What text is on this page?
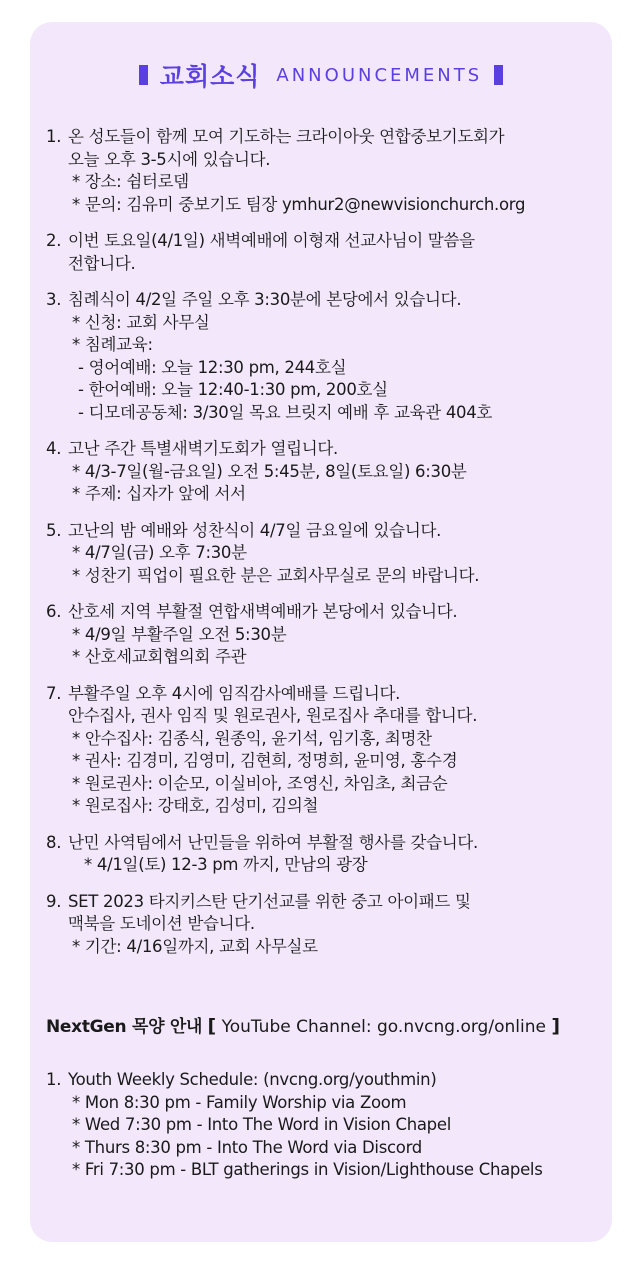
교회소식 ANNOUNCEMENTS
1. 온 성도들이 함께 모여 기도하는 크라이아웃 연합중보기도회가
오늘 오후 3-5시에 있습니다.
* 장소: 쉼터로뎀
* 문의: 김유미 중보기도 팀장 ymhur2@newvisionchurch.org
2. 이번 토요일(4/1일) 새벽예배에 이형재 선교사님이 말씀을
전합니다.
3. 침례식이 4/2일 주일 오후 3:30분에 본당에서 있습니다.
* 신청: 교회 사무실
* 침례교육:
- 영어예배: 오늘 12:30 pm, 244호실
- 한어예배: 오늘 12:40-1:30 pm, 200호실
- 디모데공동체: 3/30일 목요 브릿지 예배 후 교육관 404호
4. 고난 주간 특별새벽기도회가 열립니다.
* 4/3-7일(월-금요일) 오전 5:45분, 8일(토요일) 6:30분
* 주제: 십자가 앞에 서서
5. 고난의 밤 예배와 성찬식이 4/7일 금요일에 있습니다.
* 4/7일(금) 오후 7:30분
* 성찬기 픽업이 필요한 분은 교회사무실로 문의 바랍니다.
6. 산호세 지역 부활절 연합새벽예배가 본당에서 있습니다.
* 4/9일 부활주일 오전 5:30분
* 산호세교회협의회 주관
7. 부활주일 오후 4시에 임직감사예배를 드립니다.
안수집사, 권사 임직 및 원로권사, 원로집사 추대를 합니다.
* 안수집사: 김종식, 원종익, 윤기석, 임기홍, 최명찬
* 권사: 김경미, 김영미, 김현희, 정명희, 윤미영, 홍수경
* 원로권사: 이순모, 이실비아, 조영신, 차임초, 최금순
* 원로집사: 강태호, 김성미, 김의철
8. 난민 사역팀에서 난민들을 위하여 부활절 행사를 갖습니다.
* 4/1일(토) 12-3 pm 까지, 만남의 광장
9. SET 2023 타지키스탄 단기선교를 위한 중고 아이패드 및
맥북을 도네이션 받습니다.
* 기간: 4/16일까지, 교회 사무실로
NextGen 목양 안내 [ YouTube Channel: go.nvcng.org/online ]
1. Youth Weekly Schedule: (nvcng.org/youthmin)
* Mon 8:30 pm - Family Worship via Zoom
* Wed 7:30 pm - Into The Word in Vision Chapel
* Thurs 8:30 pm - Into The Word via Discord
* Fri 7:30 pm - BLT gatherings in Vision/Lighthouse Chapels
